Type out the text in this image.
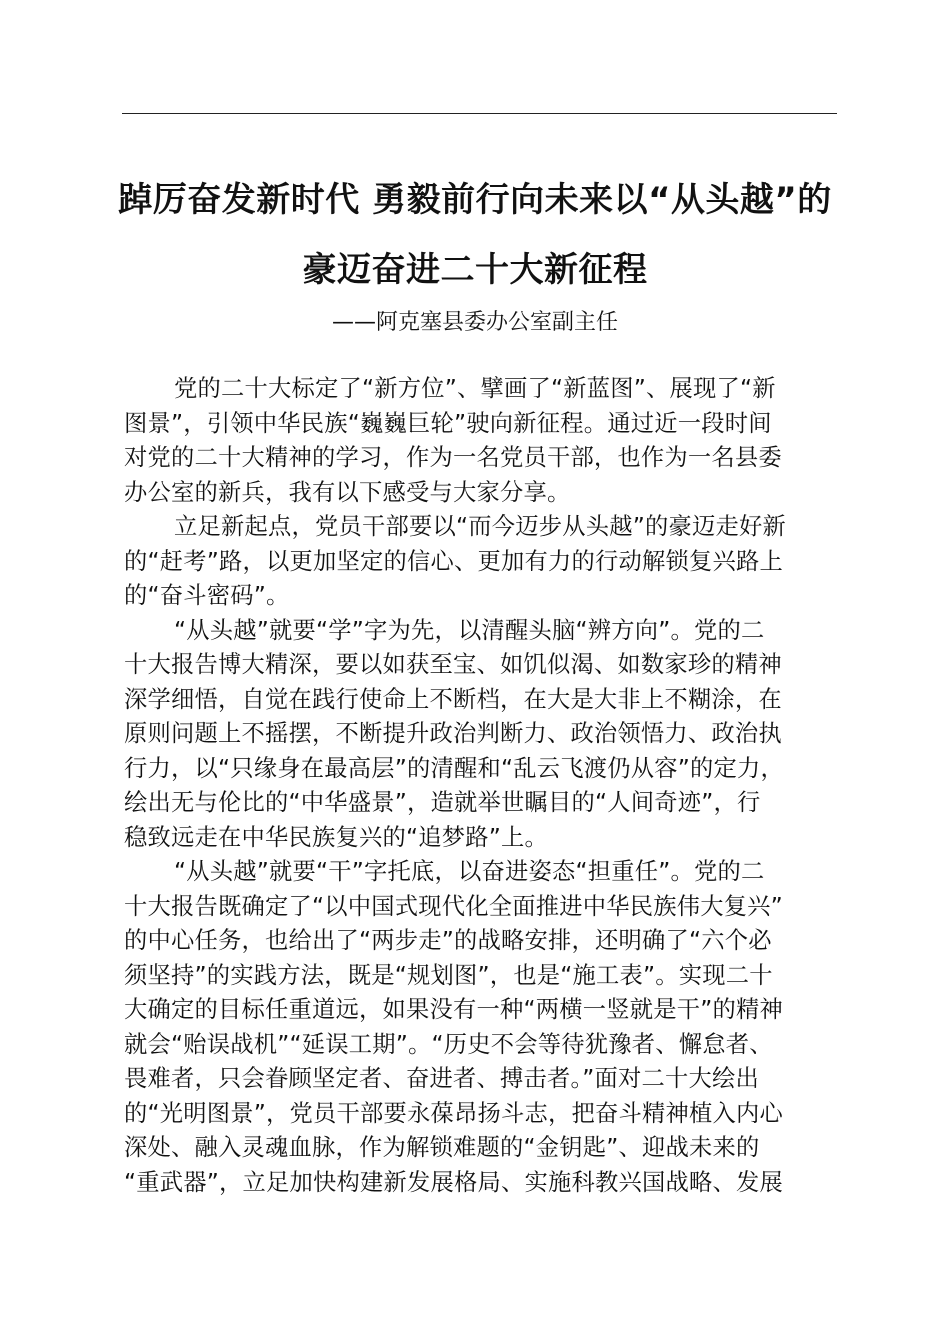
踔厉奋发新时代 勇毅前行向未来以“从头越”的
豪迈奋进二十大新征程
——阿克塞县委办公室副主任
党的二十大标定了“新方位”、擘画了“新蓝图”、展现了“新
图景”，引领中华民族“巍巍巨轮”驶向新征程。通过近一段时间
对党的二十大精神的学习，作为一名党员干部，也作为一名县委
办公室的新兵，我有以下感受与大家分享。
立足新起点，党员干部要以“而今迈步从头越”的豪迈走好新
的“赶考”路，以更加坚定的信心、更加有力的行动解锁复兴路上
的“奋斗密码”。
“从头越”就要“学”字为先，以清醒头脑“辨方向”。党的二
十大报告博大精深，要以如获至宝、如饥似渴、如数家珍的精神
深学细悟，自觉在践行使命上不断档，在大是大非上不糊涂，在
原则问题上不摇摆，不断提升政治判断力、政治领悟力、政治执
行力，以“只缘身在最高层”的清醒和“乱云飞渡仍从容”的定力，
绘出无与伦比的“中华盛景”，造就举世瞩目的“人间奇迹”，行
稳致远走在中华民族复兴的“追梦路”上。
“从头越”就要“干”字托底，以奋进姿态“担重任”。党的二
十大报告既确定了“以中国式现代化全面推进中华民族伟大复兴”
的中心任务，也给出了“两步走”的战略安排，还明确了“六个必
须坚持”的实践方法，既是“规划图”，也是“施工表”。实现二十
大确定的目标任重道远，如果没有一种“两横一竖就是干”的精神
就会“贻误战机”“延误工期”。“历史不会等待犹豫者、懈怠者、
畏难者，只会眷顾坚定者、奋进者、搏击者。”面对二十大绘出
的“光明图景”，党员干部要永葆昂扬斗志，把奋斗精神植入内心
深处、融入灵魂血脉，作为解锁难题的“金钥匙”、迎战未来的
“重武器”，立足加快构建新发展格局、实施科教兴国战略、发展
